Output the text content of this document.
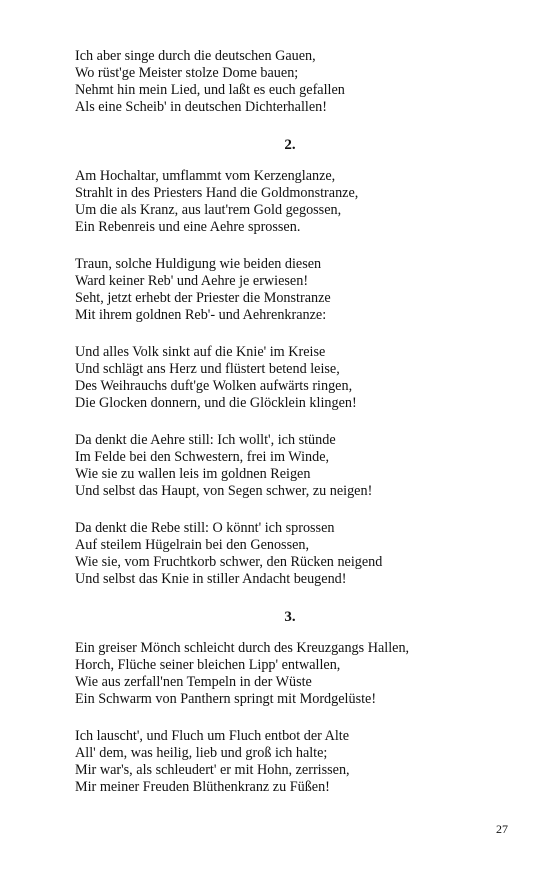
Ich aber singe durch die deutschen Gauen,
Wo rüst'ge Meister stolze Dome bauen;
Nehmt hin mein Lied, und laßt es euch gefallen
Als eine Scheib' in deutschen Dichterhallen!
2.
Am Hochaltar, umflammt vom Kerzenglanze,
Strahlt in des Priesters Hand die Goldmonstranze,
Um die als Kranz, aus laut'rem Gold gegossen,
Ein Rebenreis und eine Aehre sprossen.
Traun, solche Huldigung wie beiden diesen
Ward keiner Reb' und Aehre je erwiesen!
Seht, jetzt erhebt der Priester die Monstranze
Mit ihrem goldnen Reb'- und Aehrenkranze:
Und alles Volk sinkt auf die Knie' im Kreise
Und schlägt ans Herz und flüstert betend leise,
Des Weihrauchs duft'ge Wolken aufwärts ringen,
Die Glocken donnern, und die Glöcklein klingen!
Da denkt die Aehre still: Ich wollt', ich stünde
Im Felde bei den Schwestern, frei im Winde,
Wie sie zu wallen leis im goldnen Reigen
Und selbst das Haupt, von Segen schwer, zu neigen!
Da denkt die Rebe still: O könnt' ich sprossen
Auf steilem Hügelrain bei den Genossen,
Wie sie, vom Fruchtkorb schwer, den Rücken neigend
Und selbst das Knie in stiller Andacht beugend!
3.
Ein greiser Mönch schleicht durch des Kreuzgangs Hallen,
Horch, Flüche seiner bleichen Lipp' entwallen,
Wie aus zerfall'nen Tempeln in der Wüste
Ein Schwarm von Panthern springt mit Mordgelüste!
Ich lauscht', und Fluch um Fluch entbot der Alte
All' dem, was heilig, lieb und groß ich halte;
Mir war's, als schleudert' er mit Hohn, zerrissen,
Mir meiner Freuden Blüthenkranz zu Füßen!
27
